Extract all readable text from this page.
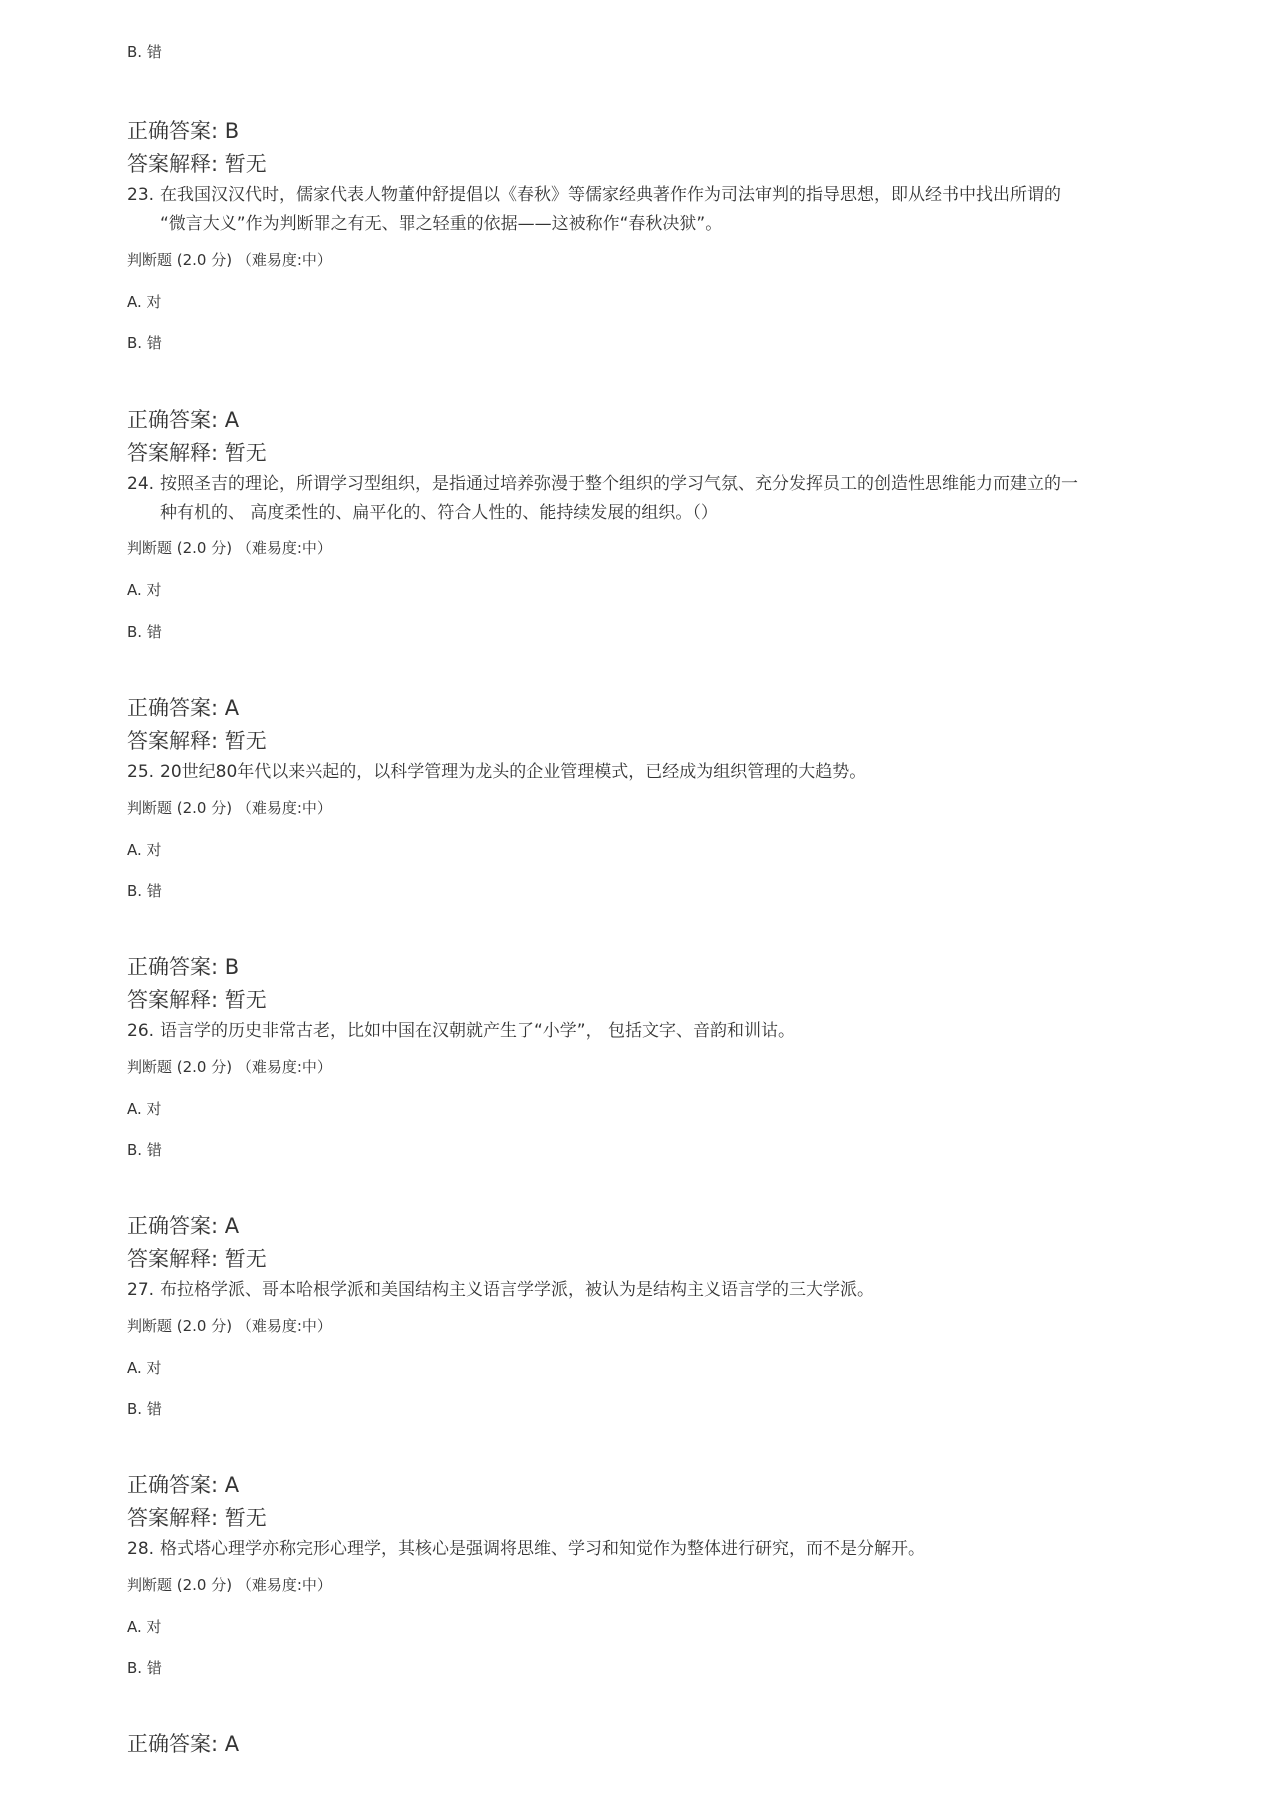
B. 错
正确答案: B
答案解释: 暂无
23. 在我国汉汉代时，儒家代表人物董仲舒提倡以《春秋》等儒家经典著作作为司法审判的指导思想，即从经书中找出所谓的
“微言大义”作为判断罪之有无、罪之轻重的依据——这被称作“春秋决狱”。
判断题 (2.0 分) （难易度:中）
A. 对
B. 错
正确答案: A
答案解释: 暂无
24. 按照圣吉的理论，所谓学习型组织，是指通过培养弥漫于整个组织的学习气氛、充分发挥员工的创造性思维能力而建立的一
种有机的、 高度柔性的、扁平化的、符合人性的、能持续发展的组织。（）
判断题 (2.0 分) （难易度:中）
A. 对
B. 错
正确答案: A
答案解释: 暂无
25. 20世纪80年代以来兴起的，以科学管理为龙头的企业管理模式，已经成为组织管理的大趋势。
判断题 (2.0 分) （难易度:中）
A. 对
B. 错
正确答案: B
答案解释: 暂无
26. 语言学的历史非常古老，比如中国在汉朝就产生了“小学”， 包括文字、音韵和训诂。
判断题 (2.0 分) （难易度:中）
A. 对
B. 错
正确答案: A
答案解释: 暂无
27. 布拉格学派、哥本哈根学派和美国结构主义语言学学派，被认为是结构主义语言学的三大学派。
判断题 (2.0 分) （难易度:中）
A. 对
B. 错
正确答案: A
答案解释: 暂无
28. 格式塔心理学亦称完形心理学，其核心是强调将思维、学习和知觉作为整体进行研究，而不是分解开。
判断题 (2.0 分) （难易度:中）
A. 对
B. 错
正确答案: A
